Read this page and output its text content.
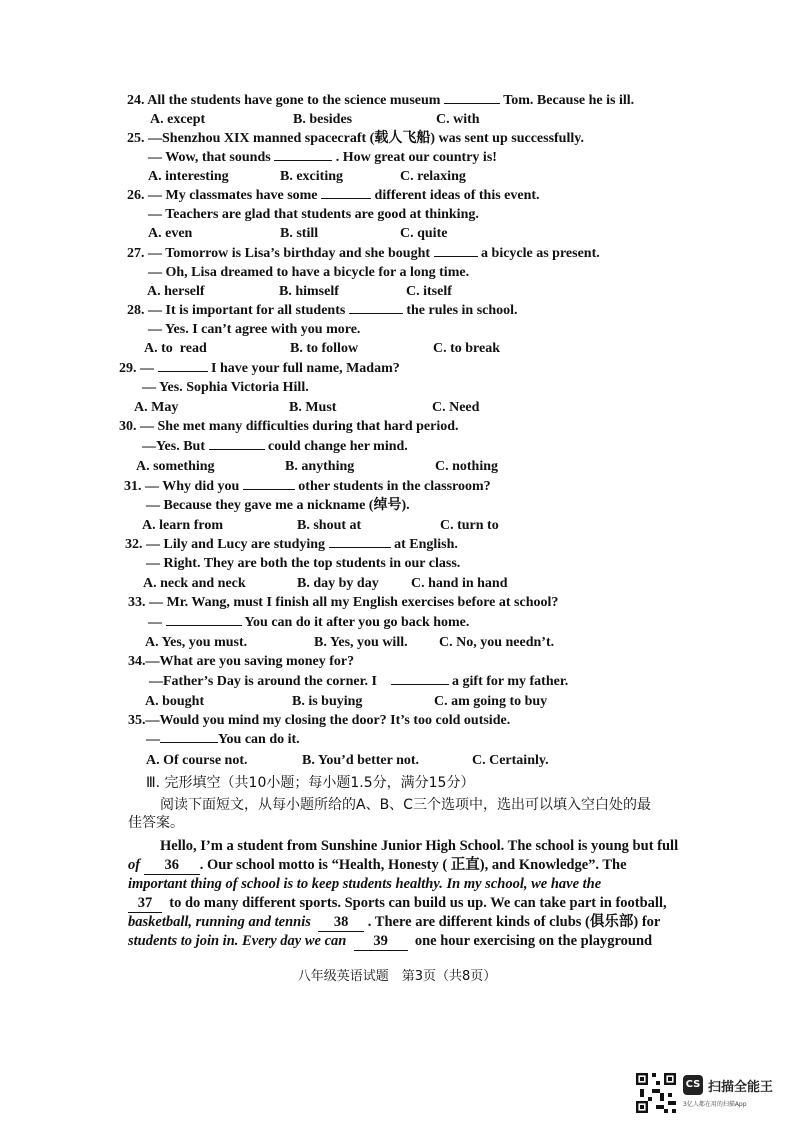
24. All the students have gone to the science museum	Tom. Because he is ill.
A. except	B. besides	C. with
25. —Shenzhou XIX manned spacecraft (载人飞船) was sent up successfully.
— Wow, that sounds	. How great our country is!
A. interesting	B. exciting	C. relaxing
26. — My classmates have some	different ideas of this event.
— Teachers are glad that students are good at thinking.
A. even	B. still	C. quite
27. — Tomorrow is Lisa’s birthday and she bought	a bicycle as present.
— Oh, Lisa dreamed to have a bicycle for a long time.
A. herself	B. himself	C. itself
28. — It is important for all students	the rules in school.
— Yes. I can’t agree with you more.
A. to  read	B. to follow	C. to break
29. —	I have your full name, Madam?
— Yes. Sophia Victoria Hill.
A. May	B. Must	C. Need
30. — She met many difficulties during that hard period.
—Yes. But	could change her mind.
A. something	B. anything	C. nothing
31. — Why did you	other students in the classroom?
— Because they gave me a nickname (绰号).
A. learn from	B. shout at	C. turn to
32. — Lily and Lucy are studying	at English.
— Right. They are both the top students in our class.
A. neck and neck	B. day by day C. hand in hand
33. — Mr. Wang, must I finish all my English exercises before at school?
—	You can do it after you go back home.
A. Yes, you must.	B. Yes, you will. C. No, you needn’t.
34.—What are you saving money for?
—Father’s Day is around the corner. I	a gift for my father.
A. bought	B. is buying	C. am going to buy
35.—Would you mind my closing the door? It’s too cold outside.
—	You can do it.
A. Of course not.	B. You’d better not.	C. Certainly.
Ⅲ. 完形填空（共10小题；每小题1.5分，满分15分）
阅读下面短文，从每小题所给的A、B、C三个选项中，选出可以填入空白处的最
佳答案。
Hello, I’m a student from Sunshine Junior High School. The school is young but full
of 36 . Our school motto is “Health, Honesty ( 正直), and Knowledge”. The
important thing of school is to keep students healthy. In my school, we have the
37 to do many different sports. Sports can build us up. We can take part in football,
basketball, running and tennis 38 . There are different kinds of clubs (俱乐部) for
students to join in. Every day we can 39 one hour exercising on the playground
八年级英语试题　第3页（共8页）
CS 扫描全能王
3亿人都在用的扫描App
